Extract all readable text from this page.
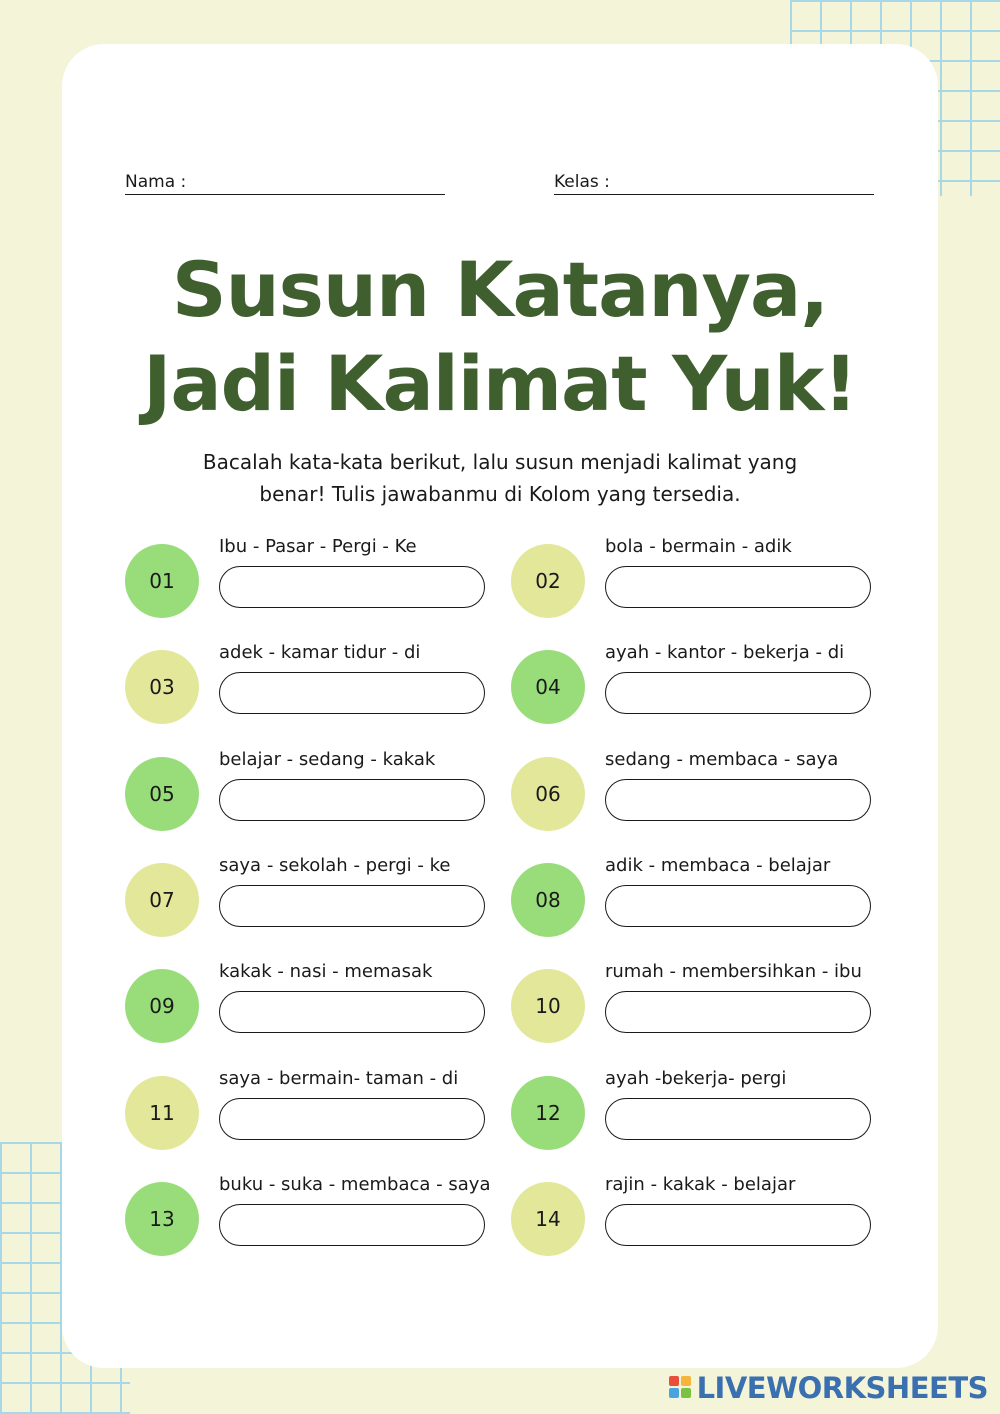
Nama :	Kelas :
Susun Katanya,
Jadi Kalimat Yuk!
Bacalah kata-kata berikut, lalu susun menjadi kalimat yang
benar! Tulis jawabanmu di Kolom yang tersedia.
01
Ibu - Pasar - Pergi - Ke
02
bola - bermain - adik
03
adek - kamar tidur - di
04
ayah - kantor - bekerja - di
05
belajar - sedang - kakak
06
sedang - membaca - saya
07
saya - sekolah - pergi - ke
08
adik - membaca - belajar
09
kakak - nasi - memasak
10
rumah - membersihkan - ibu
11
saya - bermain- taman - di
12
ayah -bekerja- pergi
13
buku - suka - membaca - saya
14
rajin - kakak - belajar
LIVEWORKSHEETS
